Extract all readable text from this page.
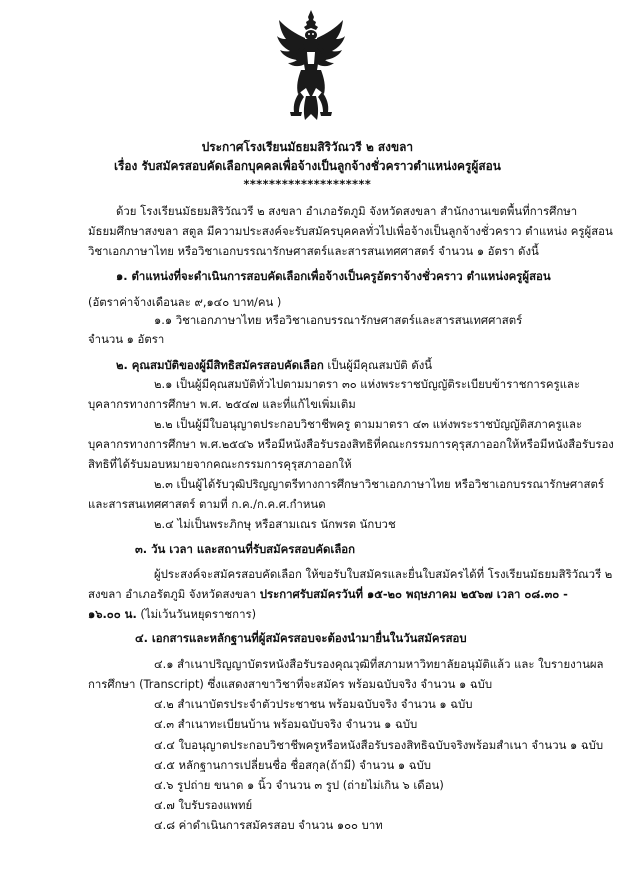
ประกาศโรงเรียนมัธยมสิริวัณวรี ๒ สงขลา
เรื่อง รับสมัครสอบคัดเลือกบุคคลเพื่อจ้างเป็นลูกจ้างชั่วคราวตำแหน่งครูผู้สอน
********************
ด้วย โรงเรียนมัธยมสิริวัณวรี ๒ สงขลา อำเภอรัตภูมิ จังหวัดสงขลา สำนักงานเขตพื้นที่การศึกษา
มัธยมศึกษาสงขลา สตูล มีความประสงค์จะรับสมัครบุคคลทั่วไปเพื่อจ้างเป็นลูกจ้างชั่วคราว ตำแหน่ง ครูผู้สอน
วิชาเอกภาษาไทย หรือวิชาเอกบรรณารักษศาสตร์และสารสนเทศศาสตร์ จำนวน ๑ อัตรา ดังนี้
๑. ตำแหน่งที่จะดำเนินการสอบคัดเลือกเพื่อจ้างเป็นครูอัตราจ้างชั่วคราว ตำแหน่งครูผู้สอน
(อัตราค่าจ้างเดือนละ ๙,๑๔๐ บาท/คน )
๑.๑ วิชาเอกภาษาไทย หรือวิชาเอกบรรณารักษศาสตร์และสารสนเทศศาสตร์
จำนวน ๑ อัตรา
๒. คุณสมบัติของผู้มีสิทธิสมัครสอบคัดเลือก เป็นผู้มีคุณสมบัติ ดังนี้
๒.๑ เป็นผู้มีคุณสมบัติทั่วไปตามมาตรา ๓๐ แห่งพระราชบัญญัติระเบียบข้าราชการครูและ
บุคลากรทางการศึกษา พ.ศ. ๒๕๔๗ และที่แก้ไขเพิ่มเติม
๒.๒ เป็นผู้มีใบอนุญาตประกอบวิชาชีพครู ตามมาตรา ๔๓ แห่งพระราชบัญญัติสภาครูและ
บุคลากรทางการศึกษา พ.ศ.๒๕๔๖ หรือมีหนังสือรับรองสิทธิที่คณะกรรมการคุรุสภาออกให้หรือมีหนังสือรับรอง
สิทธิที่ได้รับมอบหมายจากคณะกรรมการคุรุสภาออกให้
๒.๓ เป็นผู้ได้รับวุฒิปริญญาตรีทางการศึกษาวิชาเอกภาษาไทย หรือวิชาเอกบรรณารักษศาสตร์
และสารสนเทศศาสตร์ ตามที่ ก.ค./ก.ค.ศ.กำหนด
๒.๔ ไม่เป็นพระภิกษุ หรือสามเณร นักพรต นักบวช
๓. วัน เวลา และสถานที่รับสมัครสอบคัดเลือก
ผู้ประสงค์จะสมัครสอบคัดเลือก ให้ขอรับใบสมัครและยื่นใบสมัครได้ที่ โรงเรียนมัธยมสิริวัณวรี ๒
สงขลา อำเภอรัตภูมิ จังหวัดสงขลา ประกาศรับสมัครวันที่ ๑๕-๒๐ พฤษภาคม ๒๕๖๗ เวลา ๐๘.๓๐ -
๑๖.๐๐ น. (ไม่เว้นวันหยุดราชการ)
๔. เอกสารและหลักฐานที่ผู้สมัครสอบจะต้องนำมายื่นในวันสมัครสอบ
๔.๑ สำเนาปริญญาบัตรหนังสือรับรองคุณวุฒิที่สภามหาวิทยาลัยอนุมัติแล้ว และ ใบรายงานผล
การศึกษา (Transcript) ซึ่งแสดงสาขาวิชาที่จะสมัคร พร้อมฉบับจริง จำนวน ๑ ฉบับ
๔.๒ สำเนาบัตรประจำตัวประชาชน พร้อมฉบับจริง จำนวน ๑ ฉบับ
๔.๓ สำเนาทะเบียนบ้าน พร้อมฉบับจริง จำนวน ๑ ฉบับ
๔.๔ ใบอนุญาตประกอบวิชาชีพครูหรือหนังสือรับรองสิทธิฉบับจริงพร้อมสำเนา จำนวน ๑ ฉบับ
๔.๕ หลักฐานการเปลี่ยนชื่อ ชื่อสกุล(ถ้ามี) จำนวน ๑ ฉบับ
๔.๖ รูปถ่าย ขนาด ๑ นิ้ว จำนวน ๓ รูป (ถ่ายไม่เกิน ๖ เดือน)
๔.๗ ใบรับรองแพทย์
๔.๘ ค่าดำเนินการสมัครสอบ จำนวน ๑๐๐ บาท
